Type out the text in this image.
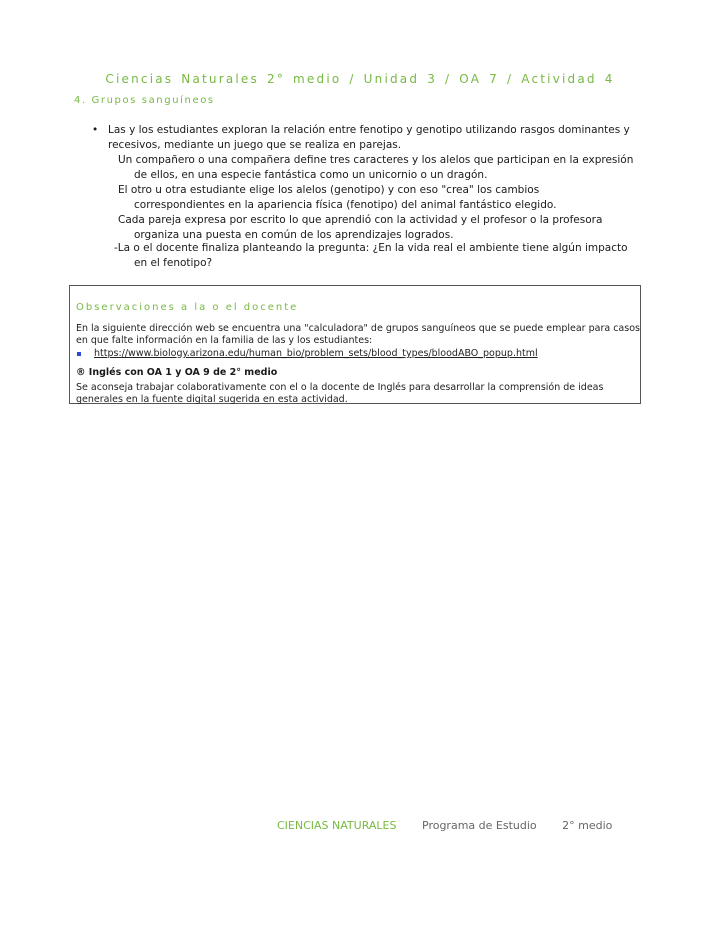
Ciencias Naturales 2° medio / Unidad 3 / OA 7 / Actividad 4
4. Grupos sanguíneos
• Las y los estudiantes exploran la relación entre fenotipo y genotipo utilizando rasgos dominantes y
recesivos, mediante un juego que se realiza en parejas.
Un compañero o una compañera define tres caracteres y los alelos que participan en la expresión
de ellos, en una especie fantástica como un unicornio o un dragón.
El otro u otra estudiante elige los alelos (genotipo) y con eso "crea" los cambios
correspondientes en la apariencia física (fenotipo) del animal fantástico elegido.
Cada pareja expresa por escrito lo que aprendió con la actividad y el profesor o la profesora
organiza una puesta en común de los aprendizajes logrados.
-La o el docente finaliza planteando la pregunta: ¿En la vida real el ambiente tiene algún impacto
en el fenotipo?
Observaciones a la o el docente
En la siguiente dirección web se encuentra una "calculadora" de grupos sanguíneos que se puede emplear para casos
en que falte información en la familia de las y los estudiantes:
https://www.biology.arizona.edu/human_bio/problem_sets/blood_types/bloodABO_popup.html
® Inglés con OA 1 y OA 9 de 2° medio
Se aconseja trabajar colaborativamente con el o la docente de Inglés para desarrollar la comprensión de ideas
generales en la fuente digital sugerida en esta actividad.
CIENCIAS NATURALES Programa de Estudio 2° medio
